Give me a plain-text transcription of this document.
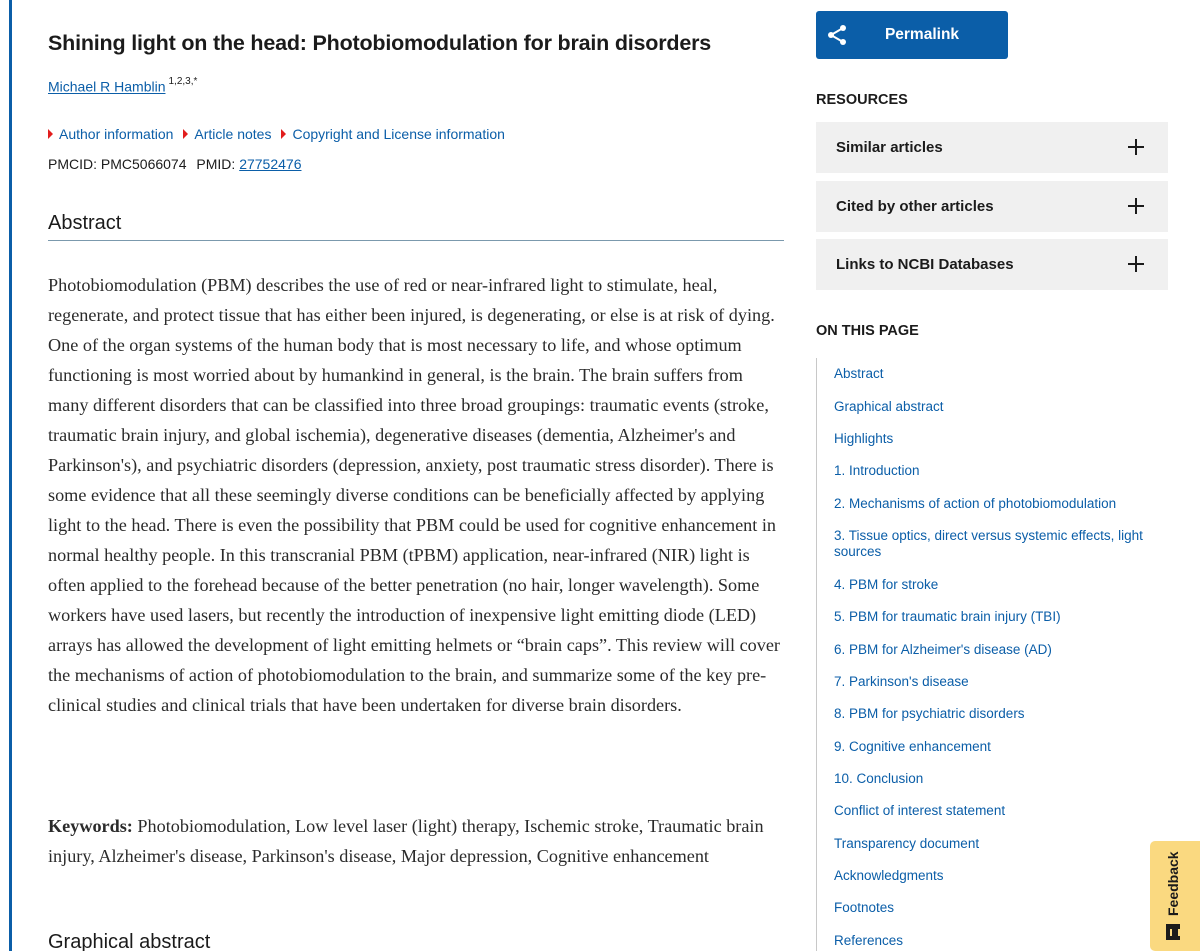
Shining light on the head: Photobiomodulation for brain disorders
Michael R Hamblin $^{1,2,3,*}$
Author information Article notes Copyright and License information
PMCID: PMC5066074 PMID: 27752476
Abstract

Photobiomodulation (PBM) describes the use of red or near-infrared light to stimulate, heal, regenerate, and protect tissue that has either been injured, is degenerating, or else is at risk of dying. One of the organ systems of the human body that is most necessary to life, and whose optimum functioning is most worried about by humankind in general, is the brain. The brain suffers from many different disorders that can be classified into three broad groupings: traumatic events (stroke, traumatic brain injury, and global ischemia), degenerative diseases (dementia, Alzheimer's and Parkinson's), and psychiatric disorders (depression, anxiety, post traumatic stress disorder). There is some evidence that all these seemingly diverse conditions can be beneficially affected by applying light to the head. There is even the possibility that PBM could be used for cognitive enhancement in normal healthy people. In this transcranial PBM (tPBM) application, near-infrared (NIR) light is often applied to the forehead because of the better penetration (no hair, longer wavelength). Some workers have used lasers, but recently the introduction of inexpensive light emitting diode (LED) arrays has allowed the development of light emitting helmets or “brain caps”. This review will cover the mechanisms of action of photobiomodulation to the brain, and summarize some of the key pre-clinical studies and clinical trials that have been undertaken for diverse brain disorders.

Keywords: Photobiomodulation, Low level laser (light) therapy, Ischemic stroke, Traumatic brain injury, Alzheimer's disease, Parkinson's disease, Major depression, Cognitive enhancement

Graphical abstract
Permalink
RESOURCES
Similar articles
Cited by other articles
Links to NCBI Databases
ON THIS PAGE
Abstract
Graphical abstract
Highlights
1. Introduction
2. Mechanisms of action of photobiomodulation
3. Tissue optics, direct versus systemic effects, light sources
4. PBM for stroke
5. PBM for traumatic brain injury (TBI)
6. PBM for Alzheimer's disease (AD)
7. Parkinson's disease
8. PBM for psychiatric disorders
9. Cognitive enhancement
10. Conclusion
Conflict of interest statement
Transparency document
Acknowledgments
Footnotes
References
Feedback
